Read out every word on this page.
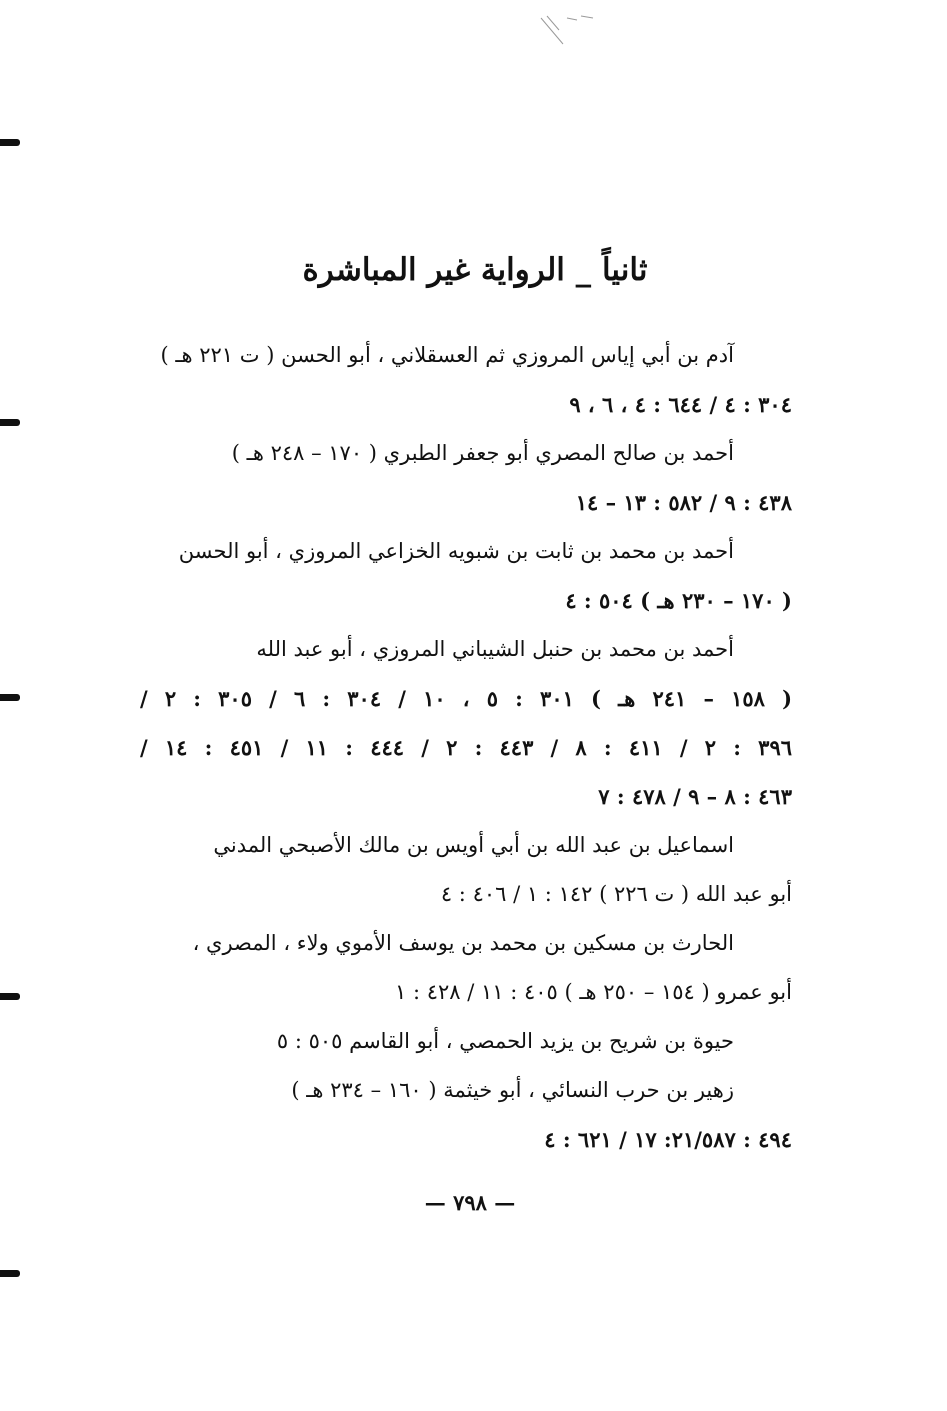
ثانياً _ الرواية غير المباشرة
آدم بن أبي إياس المروزي ثم العسقلاني ، أبو الحسن ( ت ٢٢١ هـ )
٣٠٤ : ٤ / ٦٤٤ : ٤ ، ٦ ، ٩
أحمد بن صالح المصري أبو جعفر الطبري ( ١٧٠ – ٢٤٨ هـ )
٤٣٨ : ٩ / ٥٨٢ : ١٣ – ١٤
أحمد بن محمد بن ثابت بن شبويه الخزاعي المروزي ، أبو الحسن
( ١٧٠ – ٢٣٠ هـ ) ٥٠٤ : ٤
أحمد بن محمد بن حنبل الشيباني المروزي ، أبو عبد الله
( ١٥٨ – ٢٤١ هـ ) ٣٠١ : ٥ ، ١٠ / ٣٠٤ : ٦ / ٣٠٥ : ٢ /
٣٩٦ : ٢ / ٤١١ : ٨ / ٤٤٣ : ٢ / ٤٤٤ : ١١ / ٤٥١ : ١٤ /
٤٦٣ : ٨ – ٩ / ٤٧٨ : ٧
اسماعيل بن عبد الله بن أبي أويس بن مالك الأصبحي المدني
أبو عبد الله ( ت ٢٢٦ ) ١٤٢ : ١ / ٤٠٦ : ٤
الحارث بن مسكين بن محمد بن يوسف الأموي ولاء ، المصري ،
أبو عمرو ( ١٥٤ – ٢٥٠ هـ ) ٤٠٥ : ١١ / ٤٢٨ : ١
حيوة بن شريح بن يزيد الحمصي ، أبو القاسم ٥٠٥ : ٥
زهير بن حرب النسائي ، أبو خيثمة ( ١٦٠ – ٢٣٤ هـ )
٤٩٤ : ٢١/٥٨٧: ١٧ / ٦٢١ : ٤
— ٧٩٨ —
